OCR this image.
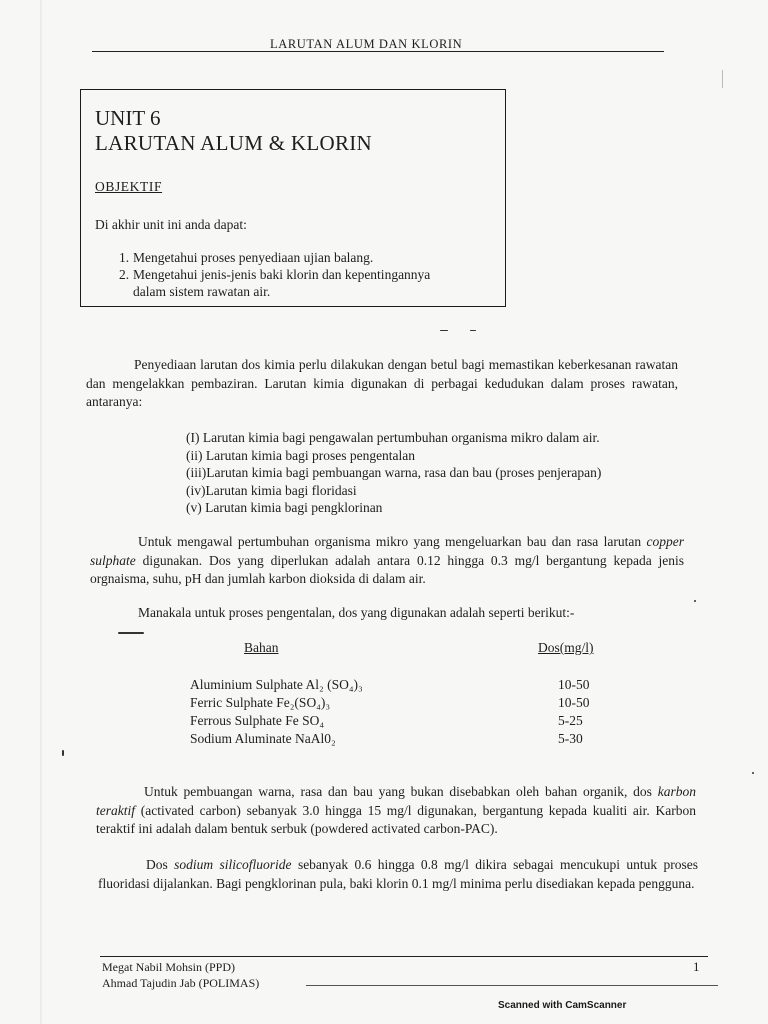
LARUTAN ALUM DAN KLORIN
UNIT 6
LARUTAN ALUM & KLORIN
OBJEKTIF
Di akhir unit ini anda dapat:
1. Mengetahui proses penyediaan ujian balang.
2. Mengetahui jenis-jenis baki klorin dan kepentingannya dalam sistem rawatan air.

Penyediaan larutan dos kimia perlu dilakukan dengan betul bagi memastikan keberkesanan rawatan dan mengelakkan pembaziran. Larutan kimia digunakan di perbagai kedudukan dalam proses rawatan, antaranya:

(I) Larutan kimia bagi pengawalan pertumbuhan organisma mikro dalam air.
(ii) Larutan kimia bagi proses pengentalan
(iii)Larutan kimia bagi pembuangan warna, rasa dan bau (proses penjerapan)
(iv)Larutan kimia bagi floridasi
(v) Larutan kimia bagi pengklorinan

Untuk mengawal pertumbuhan organisma mikro yang mengeluarkan bau dan rasa larutan copper sulphate digunakan. Dos yang diperlukan adalah antara 0.12 hingga 0.3 mg/l bergantung kepada jenis orgnaisma, suhu, pH dan jumlah karbon dioksida di dalam air.

Manakala untuk proses pengentalan, dos yang digunakan adalah seperti berikut:-

Bahan	Dos(mg/l)

Aluminium Sulphate Al₂ (SO₄)₃	10-50
Ferric Sulphate Fe₂(SO₄)₃	10-50
Ferrous Sulphate Fe SO₄	5-25
Sodium Aluminate NaAl0₂	5-30

Untuk pembuangan warna, rasa dan bau yang bukan disebabkan oleh bahan organik, dos karbon teraktif (activated carbon) sebanyak 3.0 hingga 15 mg/l digunakan, bergantung kepada kualiti air. Karbon teraktif ini adalah dalam bentuk serbuk (powdered activated carbon-PAC).

Dos sodium silicofluoride sebanyak 0.6 hingga 0.8 mg/l dikira sebagai mencukupi untuk proses fluoridasi dijalankan. Bagi pengklorinan pula, baki klorin 0.1 mg/l minima perlu disediakan kepada pengguna.

Megat Nabil Mohsin (PPD)
Ahmad Tajudin Jab (POLIMAS)
1
Scanned with CamScanner
